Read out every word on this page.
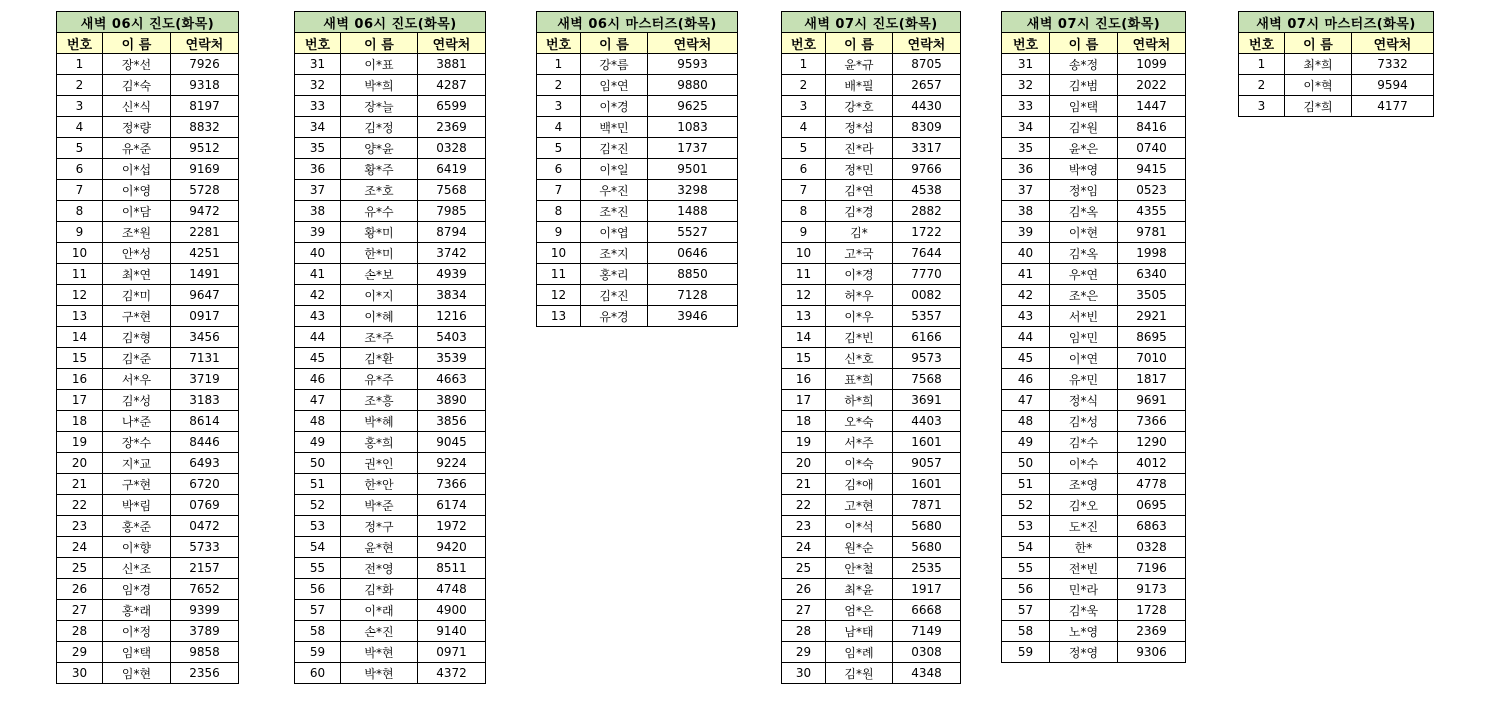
새벽 06시 진도(화목)		
번호	이 름	연락처
1	장*선	7926
2	김*숙	9318
3	신*식	8197
4	정*량	8832
5	유*준	9512
6	이*섭	9169
7	이*영	5728
8	이*담	9472
9	조*원	2281
10	안*성	4251
11	최*연	1491
12	김*미	9647
13	구*현	0917
14	김*형	3456
15	김*준	7131
16	서*우	3719
17	김*성	3183
18	나*준	8614
19	장*수	8446
20	지*교	6493
21	구*현	6720
22	박*림	0769
23	홍*준	0472
24	이*향	5733
25	신*조	2157
26	임*경	7652
27	홍*래	9399
28	이*정	3789
29	임*택	9858
30	임*현	2356
새벽 06시 진도(화목)		
번호	이 름	연락처
31	이*표	3881
32	박*희	4287
33	장*늘	6599
34	김*정	2369
35	양*윤	0328
36	황*주	6419
37	조*호	7568
38	유*수	7985
39	황*미	8794
40	한*미	3742
41	손*보	4939
42	이*지	3834
43	이*혜	1216
44	조*주	5403
45	김*환	3539
46	유*주	4663
47	조*흥	3890
48	박*혜	3856
49	홍*희	9045
50	권*인	9224
51	한*안	7366
52	박*준	6174
53	정*구	1972
54	윤*현	9420
55	전*영	8511
56	김*화	4748
57	이*래	4900
58	손*진	9140
59	박*현	0971
60	박*현	4372
새벽 06시 마스터즈(화목)		
번호	이 름	연락처
1	강*름	9593
2	임*연	9880
3	이*경	9625
4	백*민	1083
5	김*진	1737
6	이*일	9501
7	우*진	3298
8	조*진	1488
9	이*엽	5527
10	조*지	0646
11	홍*리	8850
12	김*진	7128
13	유*경	3946
새벽 07시 진도(화목)		
번호	이 름	연락처
1	윤*규	8705
2	배*필	2657
3	강*호	4430
4	정*섭	8309
5	진*라	3317
6	정*민	9766
7	김*연	4538
8	김*경	2882
9	김*	1722
10	고*국	7644
11	이*경	7770
12	허*우	0082
13	이*우	5357
14	김*빈	6166
15	신*호	9573
16	표*희	7568
17	하*희	3691
18	오*숙	4403
19	서*주	1601
20	이*숙	9057
21	김*애	1601
22	고*현	7871
23	이*석	5680
24	원*순	5680
25	안*철	2535
26	최*윤	1917
27	엄*은	6668
28	남*태	7149
29	임*례	0308
30	김*원	4348
새벽 07시 진도(화목)		
번호	이 름	연락처
31	송*정	1099
32	김*범	2022
33	임*택	1447
34	김*원	8416
35	윤*은	0740
36	박*영	9415
37	정*임	0523
38	김*옥	4355
39	이*현	9781
40	김*옥	1998
41	우*연	6340
42	조*은	3505
43	서*빈	2921
44	임*민	8695
45	이*연	7010
46	유*민	1817
47	정*식	9691
48	김*성	7366
49	김*수	1290
50	이*수	4012
51	조*영	4778
52	김*오	0695
53	도*진	6863
54	한*	0328
55	전*빈	7196
56	민*라	9173
57	김*욱	1728
58	노*영	2369
59	정*영	9306
새벽 07시 마스터즈(화목)		
번호	이 름	연락처
1	최*희	7332
2	이*혁	9594
3	김*희	4177
